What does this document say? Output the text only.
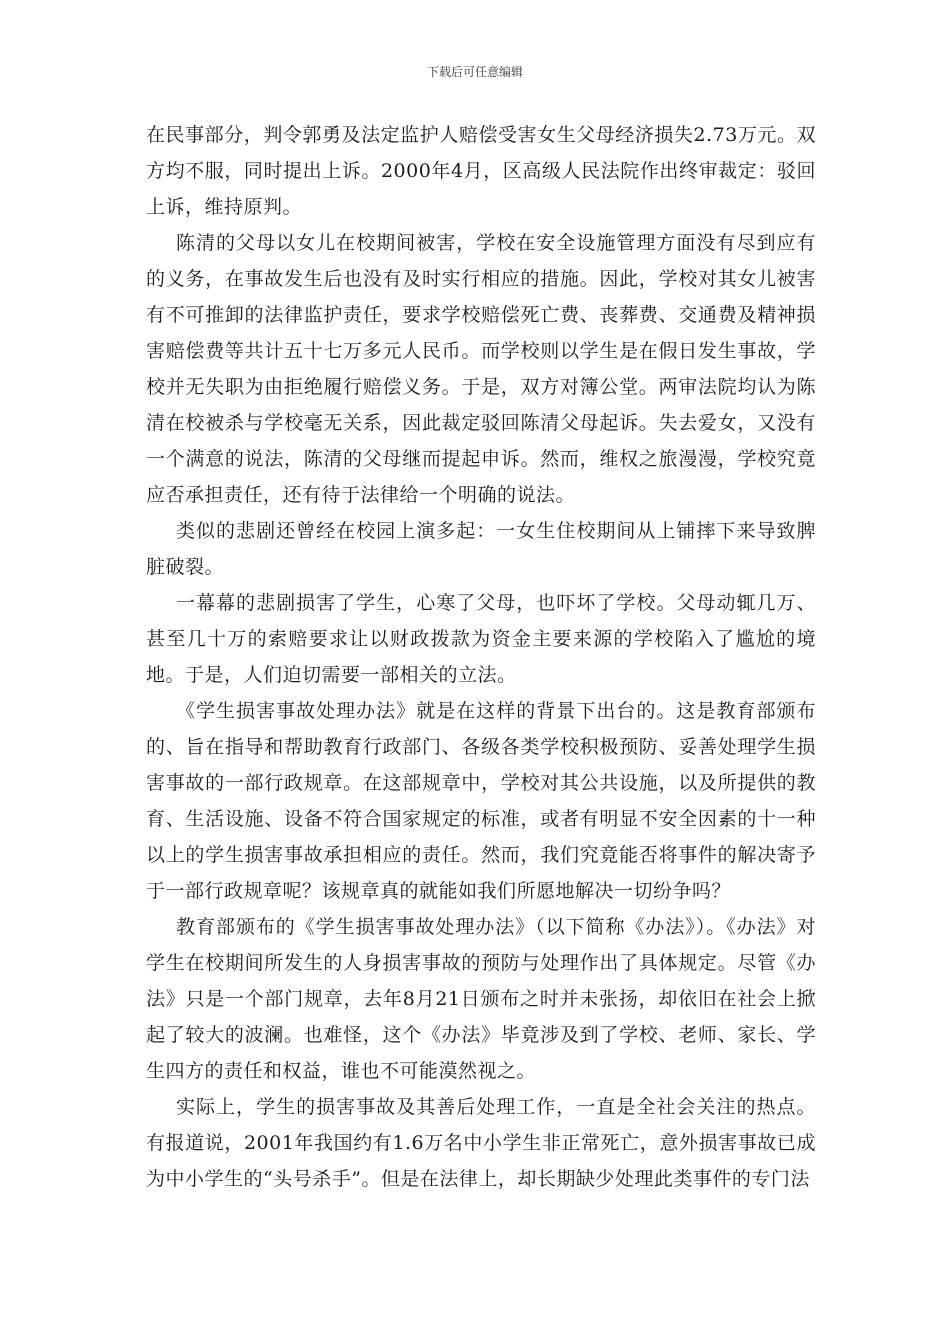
下载后可任意编辑

在民事部分，判令郭勇及法定监护人赔偿受害女生父母经济损失2.73万元。双方均不服，同时提出上诉。2000年4月，区高级人民法院作出终审裁定：驳回上诉，维持原判。

陈清的父母以女儿在校期间被害，学校在安全设施管理方面没有尽到应有的义务，在事故发生后也没有及时实行相应的措施。因此，学校对其女儿被害有不可推卸的法律监护责任，要求学校赔偿死亡费、丧葬费、交通费及精神损害赔偿费等共计五十七万多元人民币。而学校则以学生是在假日发生事故，学校并无失职为由拒绝履行赔偿义务。于是，双方对簿公堂。两审法院均认为陈清在校被杀与学校毫无关系，因此裁定驳回陈清父母起诉。失去爱女，又没有一个满意的说法，陈清的父母继而提起申诉。然而，维权之旅漫漫，学校究竟应否承担责任，还有待于法律给一个明确的说法。

类似的悲剧还曾经在校园上演多起：一女生住校期间从上铺摔下来导致脾脏破裂。

一幕幕的悲剧损害了学生，心寒了父母，也吓坏了学校。父母动辄几万、甚至几十万的索赔要求让以财政拨款为资金主要来源的学校陷入了尴尬的境地。于是，人们迫切需要一部相关的立法。

《学生损害事故处理办法》就是在这样的背景下出台的。这是教育部颁布的、旨在指导和帮助教育行政部门、各级各类学校积极预防、妥善处理学生损害事故的一部行政规章。在这部规章中，学校对其公共设施，以及所提供的教育、生活设施、设备不符合国家规定的标准，或者有明显不安全因素的十一种以上的学生损害事故承担相应的责任。然而，我们究竟能否将事件的解决寄予于一部行政规章呢？该规章真的就能如我们所愿地解决一切纷争吗？

教育部颁布的《学生损害事故处理办法》（以下简称《办法》）。《办法》对学生在校期间所发生的人身损害事故的预防与处理作出了具体规定。尽管《办法》只是一个部门规章，去年8月21日颁布之时并未张扬，却依旧在社会上掀起了较大的波澜。也难怪，这个《办法》毕竟涉及到了学校、老师、家长、学生四方的责任和权益，谁也不可能漠然视之。

实际上，学生的损害事故及其善后处理工作，一直是全社会关注的热点。有报道说，2001年我国约有1.6万名中小学生非正常死亡，意外损害事故已成为中小学生的“头号杀手”。但是在法律上，却长期缺少处理此类事件的专门法
